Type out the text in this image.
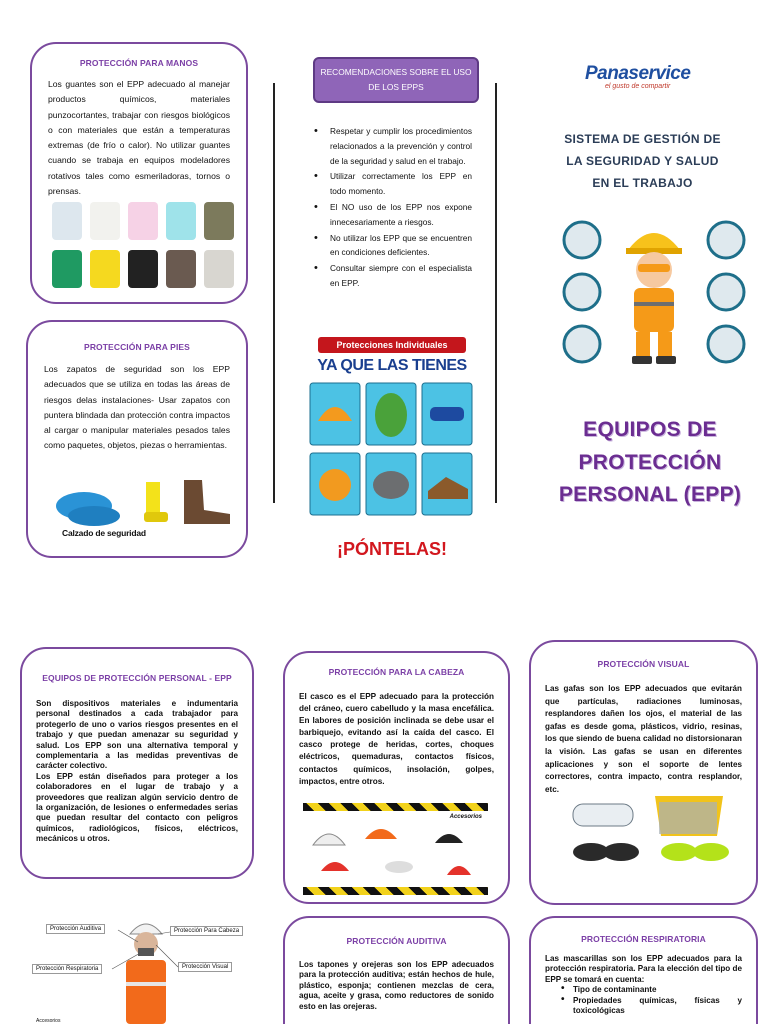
PROTECCIÓN PARA MANOS
Los guantes son el EPP adecuado al manejar productos químicos, materiales punzocortantes, trabajar con riesgos biológicos o con materiales que están a temperaturas extremas (de frío o calor). No utilizar guantes cuando se trabaja en equipos modeladores rotativos tales como esmeriladoras, tornos o prensas.
PROTECCIÓN PARA PIES
Los zapatos de seguridad son los EPP adecuados que se utiliza en todas las áreas de riesgos delas instalaciones- Usar zapatos con puntera blindada dan protección contra impactos al cargar o manipular materiales pesados tales como paquetes, objetos, piezas o herramientas.
Calzado de seguridad
RECOMENDACIONES SOBRE EL USO DE LOS EPPS
• Respetar y cumplir los procedimientos relacionados a la prevención y control de la seguridad y salud en el trabajo.
• Utilizar correctamente los EPP en todo momento.
• El NO uso de los EPP nos expone innecesariamente a riesgos.
• No utilizar los EPP que se encuentren en condiciones deficientes.
• Consultar siempre con el especialista en EPP.
Protecciones Individuales
YA QUE LAS TIENES
¡PÓNTELAS!
Panaservice
el gusto de compartir
SISTEMA DE GESTIÓN DE
LA SEGURIDAD Y SALUD
EN EL TRABAJO
EQUIPOS DE
PROTECCIÓN
PERSONAL (EPP)
EQUIPOS DE PROTECCIÓN PERSONAL - EPP

Son dispositivos materiales e indumentaria personal destinados a cada trabajador para protegerlo de uno o varios riesgos presentes en el trabajo y que puedan amenazar su seguridad y salud. Los EPP son una alternativa temporal y complementaria a las medidas preventivas de carácter colectivo.

Los EPP están diseñados para proteger a los colaboradores en el lugar de trabajo y a proveedores que realizan algún servicio dentro de la organización, de lesiones o enfermedades serias que puedan resultar del contacto con peligros químicos, radiológicos, físicos, eléctricos, mecánicos u otros.

Protección Auditiva	Protección Para Cabeza
Protección Respiratoria	Protección Visual
Accesorios
PROTECCIÓN PARA LA CABEZA
El casco es el EPP adecuado para la protección del cráneo, cuero cabelludo y la masa encefálica. En labores de posición inclinada se debe usar el barbiquejo, evitando así la caída del casco. El casco protege de heridas, cortes, choques eléctricos, quemaduras, contactos físicos, contactos químicos, insolación, golpes, impactos, entre otros.
Accesorios
PROTECCIÓN VISUAL
Las gafas son los EPP adecuados que evitarán que partículas, radiaciones luminosas, resplandores dañen los ojos, el material de las gafas es desde goma, plásticos, vidrio, resinas, los que siendo de buena calidad no distorsionaran la visión. Las gafas se usan en diferentes aplicaciones y son el soporte de lentes correctores, contra impacto, contra resplandor, etc.
PROTECCIÓN AUDITIVA
Los tapones y orejeras son los EPP adecuados para la protección auditiva; están hechos de hule, plástico, esponja; contienen mezclas de cera, agua, aceite y grasa, como reductores de sonido esto en las orejeras.
PROTECCIÓN RESPIRATORIA

Las mascarillas son los EPP adecuados para la protección respiratoria. Para la elección del tipo de EPP se tomará en cuenta:

• Tipo de contaminante
• Propiedades químicas, físicas y toxicológicas
